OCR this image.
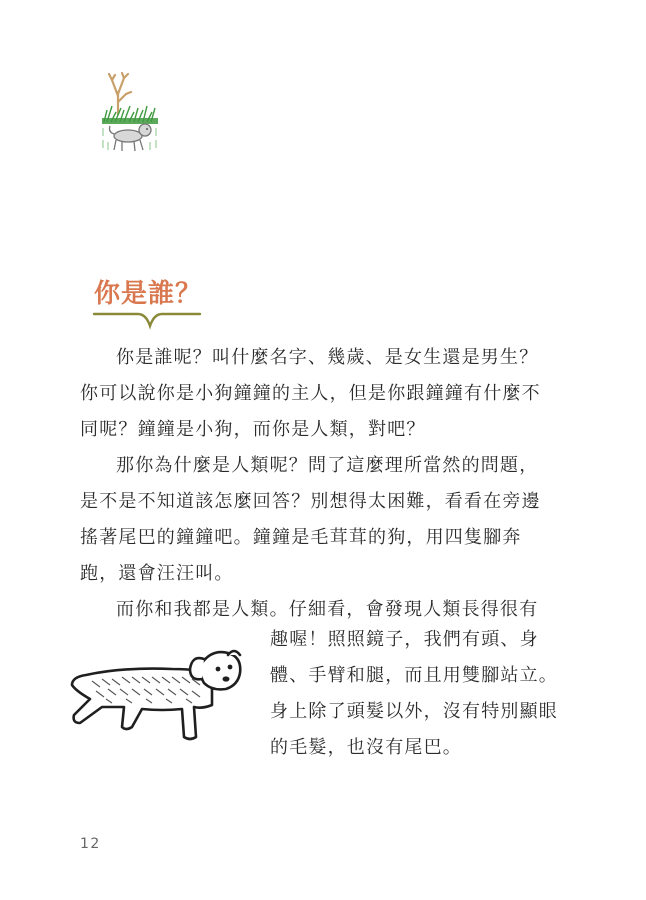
你是誰？

你是誰呢？叫什麼名字、幾歲、是女生還是男生？你可以說你是小狗鐘鐘的主人，但是你跟鐘鐘有什麼不同呢？鐘鐘是小狗，而你是人類，對吧？

那你為什麼是人類呢？問了這麼理所當然的問題，是不是不知道該怎麼回答？別想得太困難，看看在旁邊搖著尾巴的鐘鐘吧。鐘鐘是毛茸茸的狗，用四隻腳奔跑，還會汪汪叫。

而你和我都是人類。仔細看，會發現人類長得很有

趣喔！照照鏡子，我們有頭、身體、手臂和腿，而且用雙腳站立。身上除了頭髮以外，沒有特別顯眼的毛髮，也沒有尾巴。

12
